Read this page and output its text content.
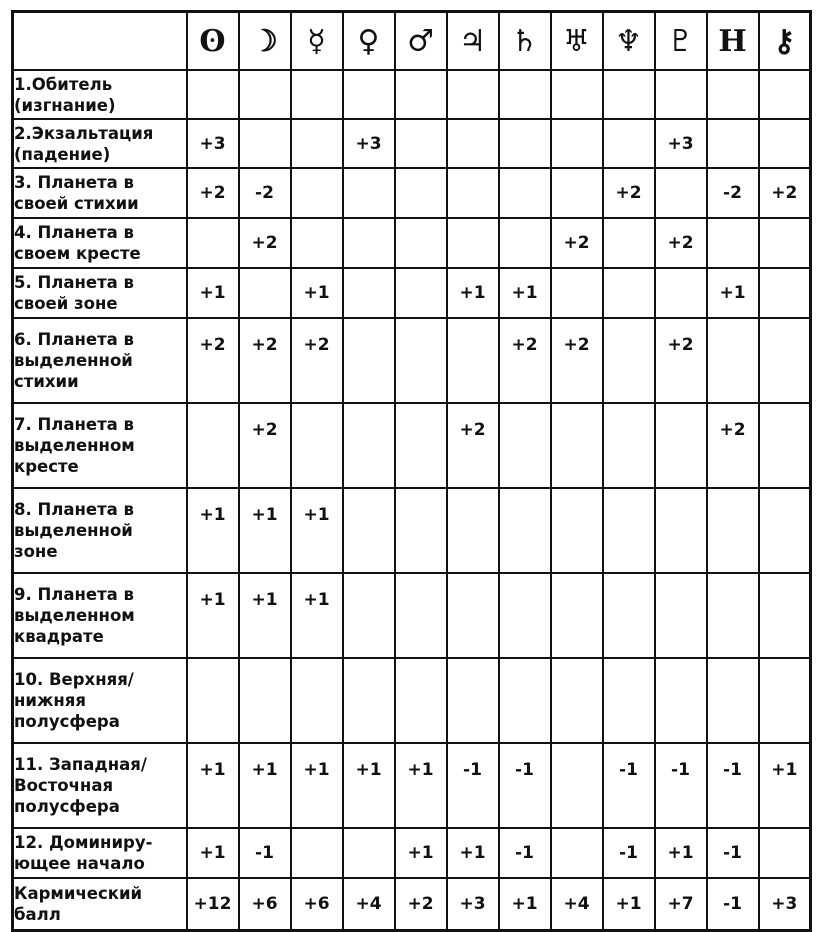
	ʘ	☽	☿	♀	♂	♃	♄	♅	♆	♇	Η	⚷
1.Обитель
(изгнание)												
2.Экзальтация
(падение)	+3			+3						+3		
3. Планета в
своей стихии	+2	-2							+2		-2	+2
4. Планета в
своем кресте		+2						+2		+2		
5. Планета в
своей зоне	+1		+1			+1	+1				+1	
6. Планета в
выделенной
стихии	+2	+2	+2				+2	+2		+2		
7. Планета в
выделенном
кресте		+2				+2					+2	
8. Планета в
выделенной
зоне	+1	+1	+1									
9. Планета в
выделенном
квадрате	+1	+1	+1									
10. Верхняя/
нижняя
полусфера												
11. Западная/
Восточная
полусфера	+1	+1	+1	+1	+1	-1	-1		-1	-1	-1	+1
12. Доминиру-
ющее начало	+1	-1			+1	+1	-1		-1	+1	-1	
Кармический
балл	+12	+6	+6	+4	+2	+3	+1	+4	+1	+7	-1	+3
